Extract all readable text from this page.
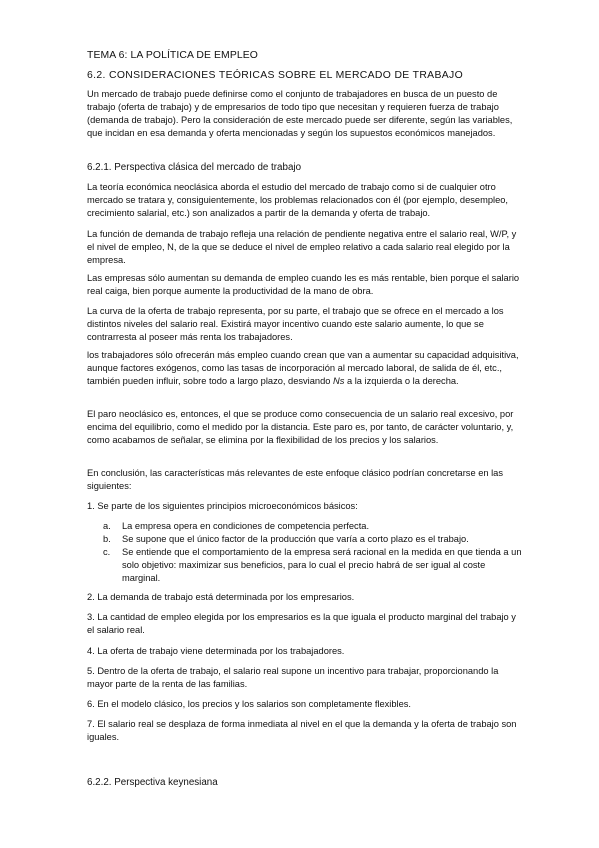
TEMA 6: LA POLÍTICA DE EMPLEO
6.2. CONSIDERACIONES TEÓRICAS SOBRE EL MERCADO DE TRABAJO

Un mercado de trabajo puede definirse como el conjunto de trabajadores en busca de un puesto de trabajo (oferta de trabajo) y de empresarios de todo tipo que necesitan y requieren fuerza de trabajo (demanda de trabajo). Pero la consideración de este mercado puede ser diferente, según las variables, que incidan en esa demanda y oferta mencionadas y según los supuestos económicos manejados.

6.2.1. Perspectiva clásica del mercado de trabajo

La teoría económica neoclásica aborda el estudio del mercado de trabajo como si de cualquier otro mercado se tratara y, consiguientemente, los problemas relacionados con él (por ejemplo, desempleo, crecimiento salarial, etc.) son analizados a partir de la demanda y oferta de trabajo.

La función de demanda de trabajo refleja una relación de pendiente negativa entre el salario real, W/P, y el nivel de empleo, N, de la que se deduce el nivel de empleo relativo a cada salario real elegido por la empresa.

Las empresas sólo aumentan su demanda de empleo cuando les es más rentable, bien porque el salario real caiga, bien porque aumente la productividad de la mano de obra.

La curva de la oferta de trabajo representa, por su parte, el trabajo que se ofrece en el mercado a los distintos niveles del salario real. Existirá mayor incentivo cuando este salario aumente, lo que se contrarresta al poseer más renta los trabajadores.

los trabajadores sólo ofrecerán más empleo cuando crean que van a aumentar su capacidad adquisitiva, aunque factores exógenos, como las tasas de incorporación al mercado laboral, de salida de él, etc., también pueden influir, sobre todo a largo plazo, desviando Ns a la izquierda o la derecha.

El paro neoclásico es, entonces, el que se produce como consecuencia de un salario real excesivo, por encima del equilibrio, como el medido por la distancia. Este paro es, por tanto, de carácter voluntario, y, como acabamos de señalar, se elimina por la flexibilidad de los precios y los salarios.

En conclusión, las características más relevantes de este enfoque clásico podrían concretarse en las siguientes:

1. Se parte de los siguientes principios microeconómicos básicos:

a. La empresa opera en condiciones de competencia perfecta.
b. Se supone que el único factor de la producción que varía a corto plazo es el trabajo.
c. Se entiende que el comportamiento de la empresa será racional en la medida en que tienda a un solo objetivo: maximizar sus beneficios, para lo cual el precio habrá de ser igual al coste marginal.

2. La demanda de trabajo está determinada por los empresarios.

3. La cantidad de empleo elegida por los empresarios es la que iguala el producto marginal del trabajo y el salario real.

4. La oferta de trabajo viene determinada por los trabajadores.

5. Dentro de la oferta de trabajo, el salario real supone un incentivo para trabajar, proporcionando la mayor parte de la renta de las familias.

6. En el modelo clásico, los precios y los salarios son completamente flexibles.

7. El salario real se desplaza de forma inmediata al nivel en el que la demanda y la oferta de trabajo son iguales.

6.2.2. Perspectiva keynesiana
